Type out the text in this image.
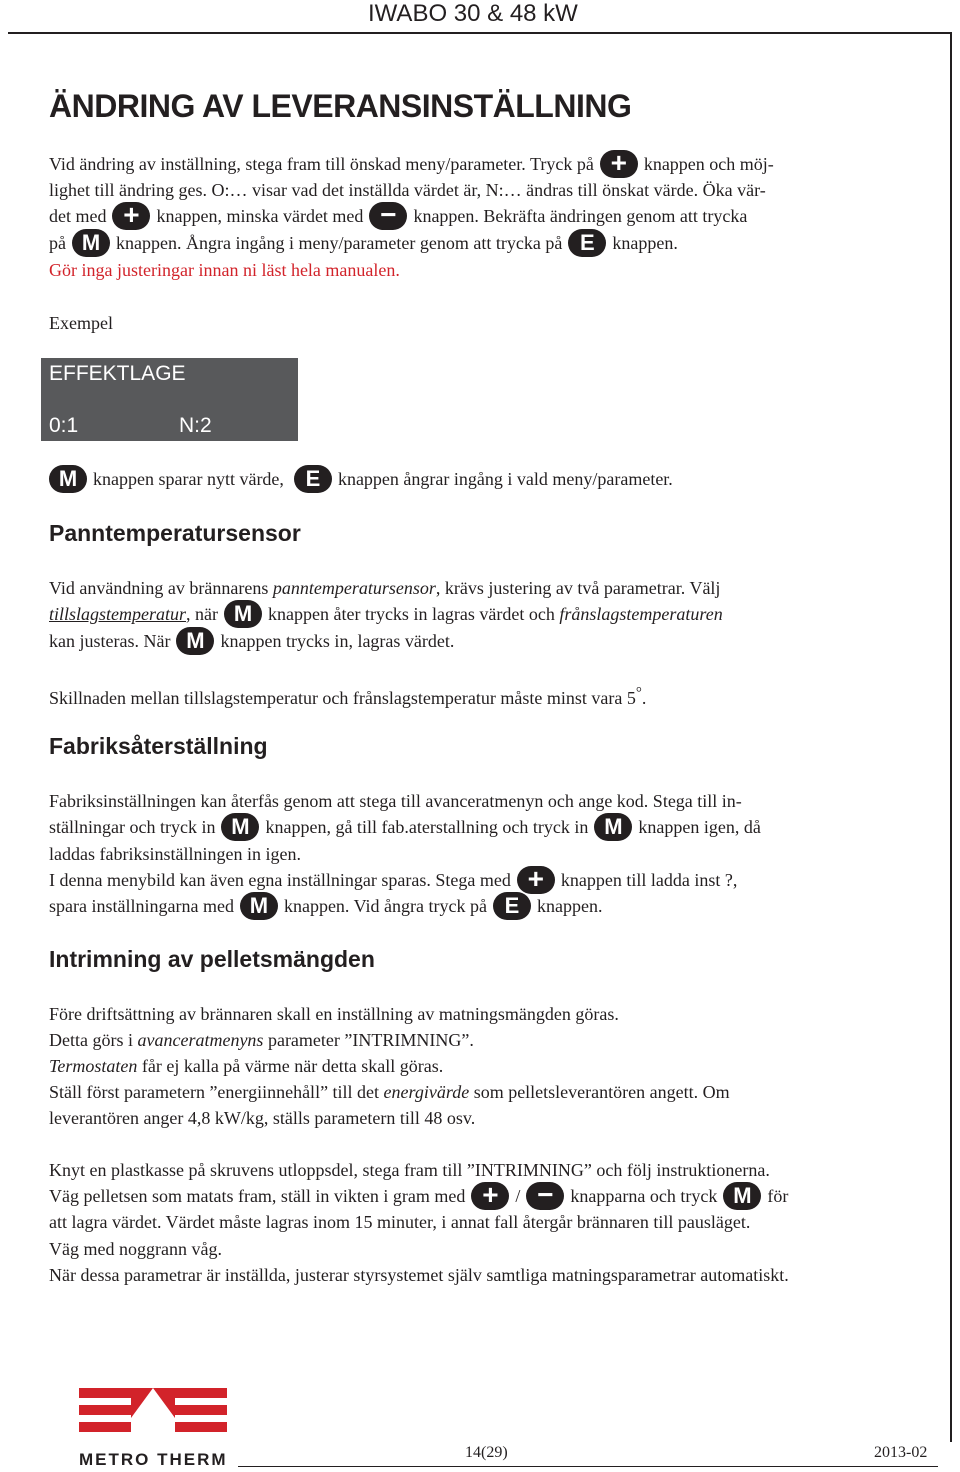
IWABO 30 & 48 kW
ÄNDRING AV LEVERANSINSTÄLLNING
Vid ändring av inställning, stega fram till önskad meny/parameter. Tryck på + knappen och möj-
lighet till ändring ges. O:… visar vad det inställda värdet är, N:… ändras till önskat värde. Öka vär-
det med + knappen, minska värdet med − knappen. Bekräfta ändringen genom att trycka
på M knappen. Ångra ingång i meny/parameter genom att trycka på E knappen.
Gör inga justeringar innan ni läst hela manualen.
Exempel
EFFEKTLAGE
0:1	N:2
M knappen sparar nytt värde, E knappen ångrar ingång i vald meny/parameter.
Panntemperatursensor
Vid användning av brännarens panntemperatursensor, krävs justering av två parametrar. Välj
tillslagstemperatur, när M knappen åter trycks in lagras värdet och frånslagstemperaturen
kan justeras. När M knappen trycks in, lagras värdet.
Skillnaden mellan tillslagstemperatur och frånslagstemperatur måste minst vara 5°.
Fabriksåterställning
Fabriksinställningen kan återfås genom att stega till avanceratmenyn och ange kod. Stega till in-
ställningar och tryck in M knappen, gå till fab.aterstallning och tryck in M knappen igen, då
laddas fabriksinställningen in igen.
I denna menybild kan även egna inställningar sparas. Stega med + knappen till ladda inst ?,
spara inställningarna med M knappen. Vid ångra tryck på E knappen.
Intrimning av pelletsmängden
Före driftsättning av brännaren skall en inställning av matningsmängden göras.
Detta görs i avanceratmenyns parameter ”INTRIMNING”.
Termostaten får ej kalla på värme när detta skall göras.
Ställ först parametern ”energiinnehåll” till det energivärde som pelletsleverantören angett. Om
leverantören anger 4,8 kW/kg, ställs parametern till 48 osv.
Knyt en plastkasse på skruvens utloppsdel, stega fram till ”INTRIMNING” och följ instruktionerna.
Väg pelletsen som matats fram, ställ in vikten i gram med + / − knapparna och tryck M för
att lagra värdet. Värdet måste lagras inom 15 minuter, i annat fall återgår brännaren till pausläget.
Väg med noggrann våg.
När dessa parametrar är inställda, justerar styrsystemet själv samtliga matningsparametrar automatiskt.
METRO THERM	14(29)	2013-02
